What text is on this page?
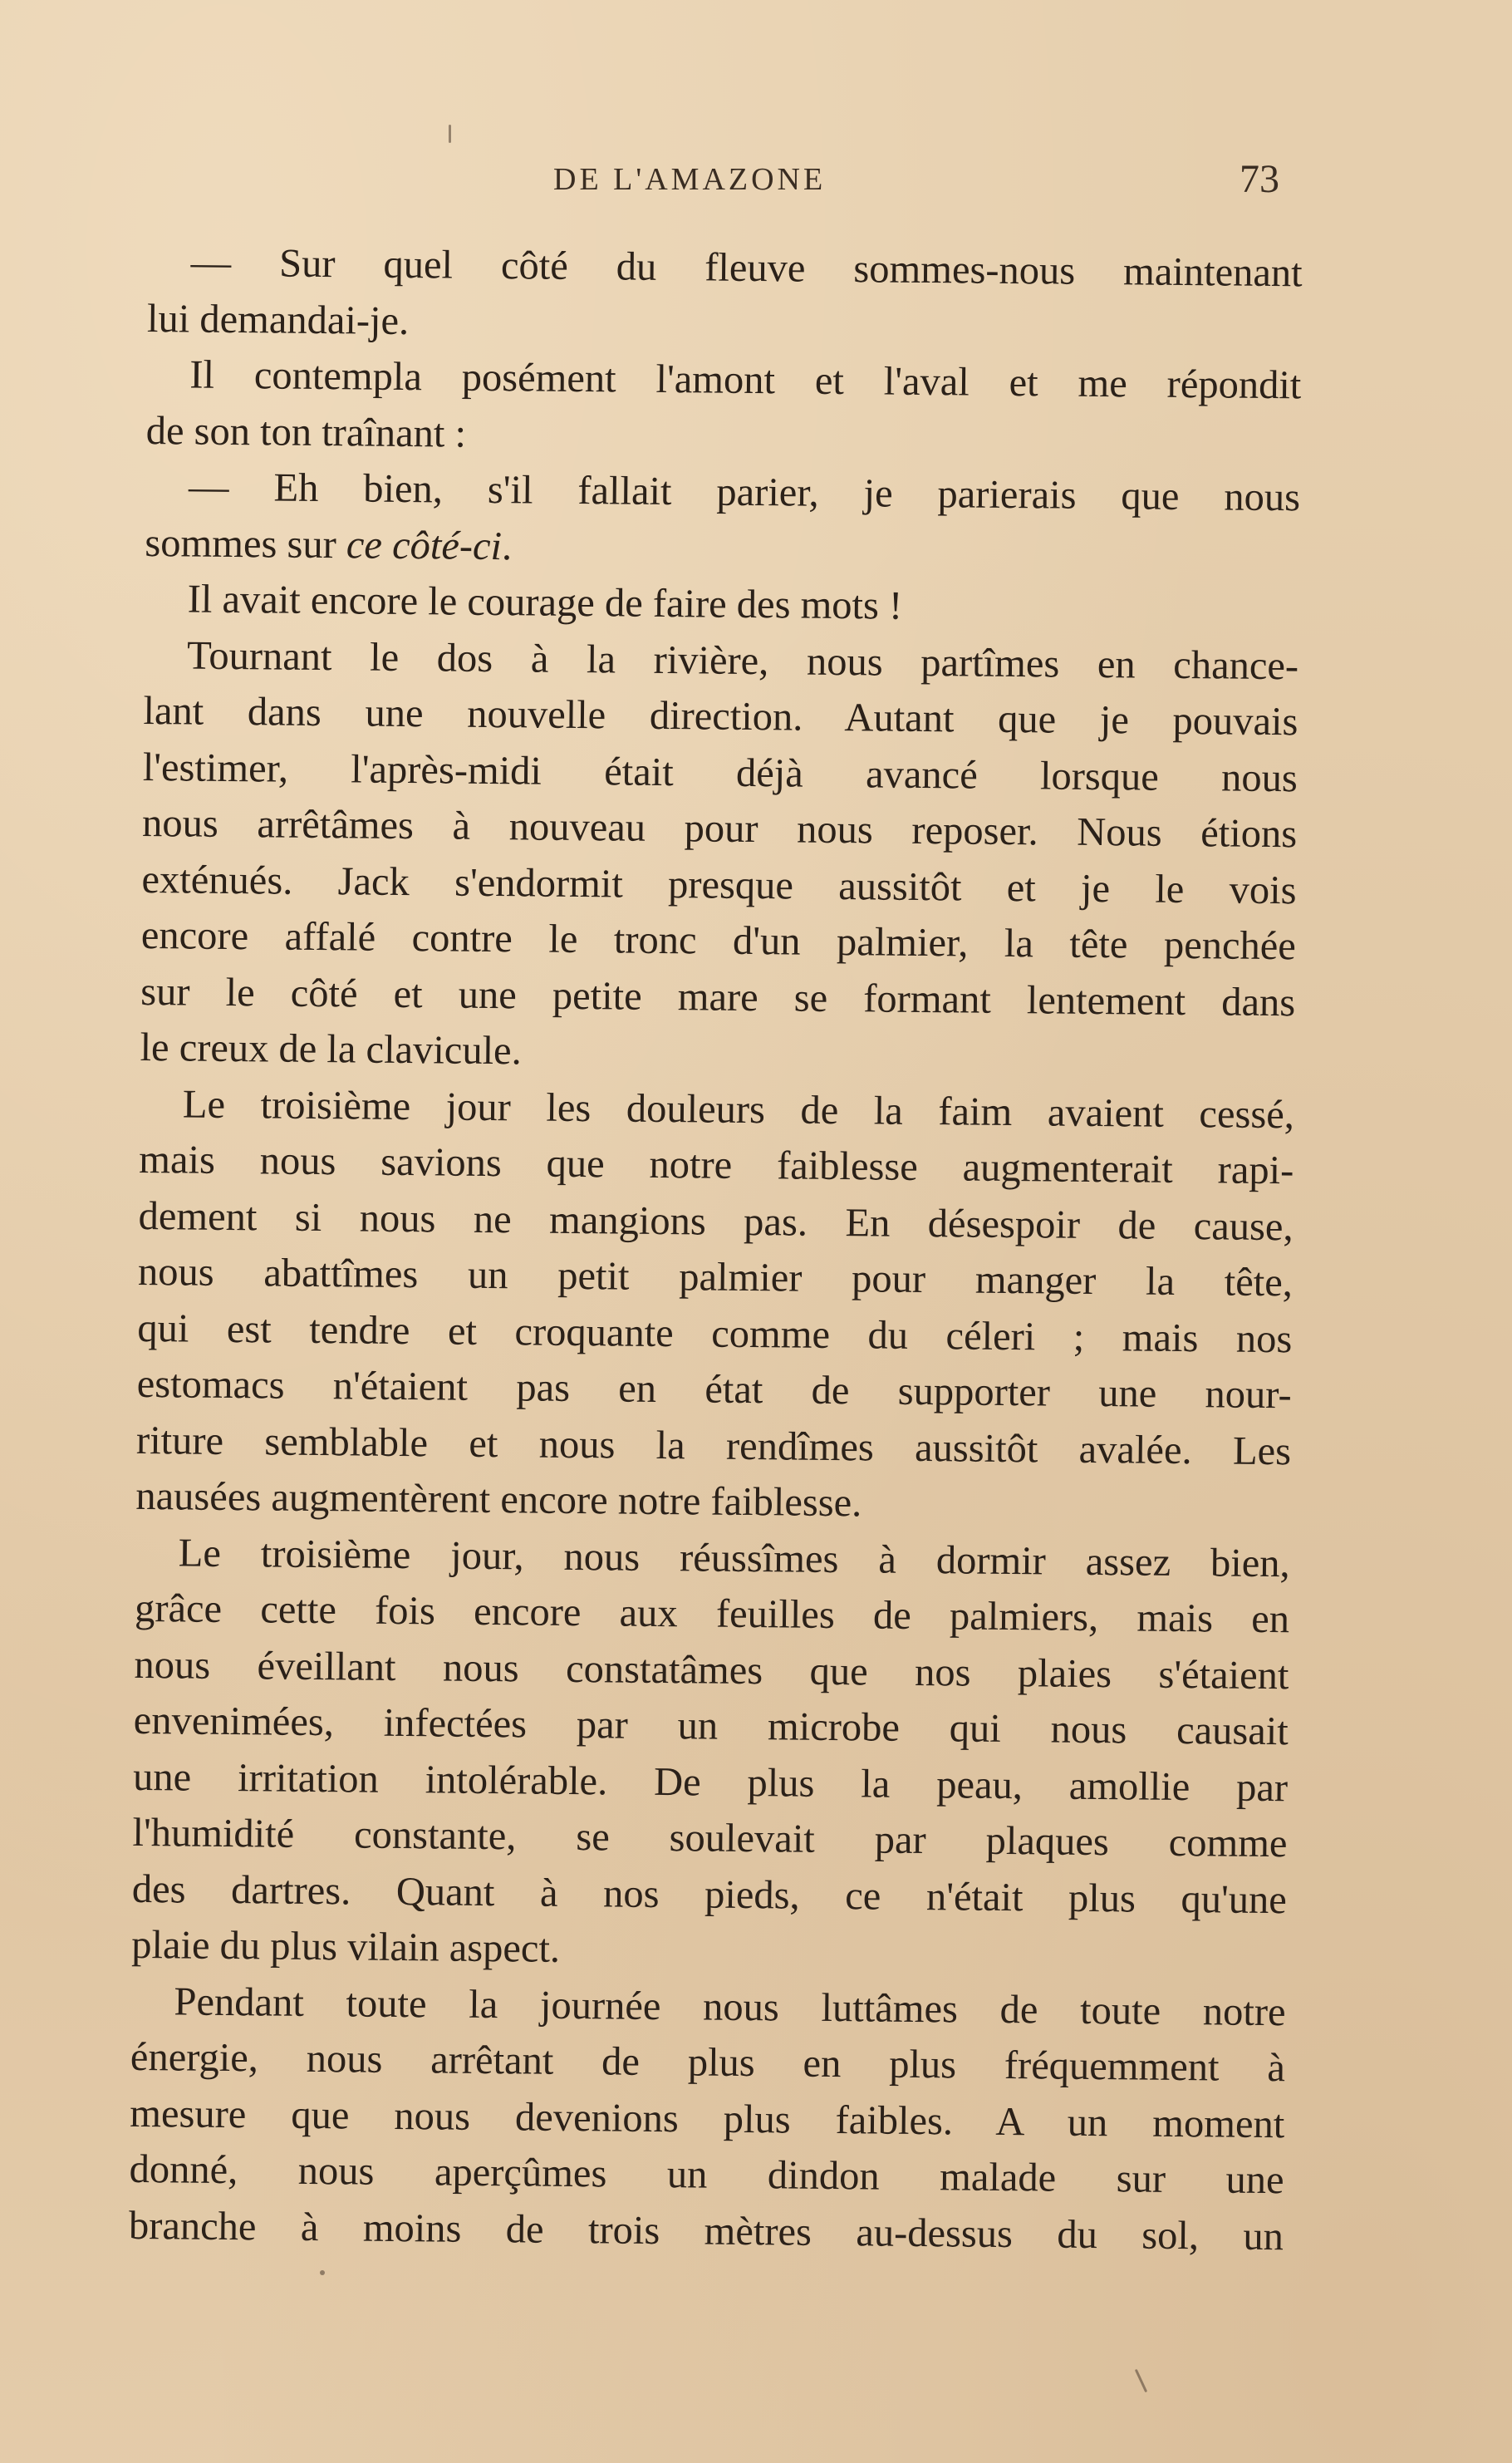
DE L'AMAZONE	73
— Sur quel côté du fleuve sommes-nous maintenant
lui demandai-je.
Il contempla posément l'amont et l'aval et me répondit
de son ton traînant :
— Eh bien, s'il fallait parier, je parierais que nous
sommes sur ce côté-ci.
Il avait encore le courage de faire des mots !
Tournant le dos à la rivière, nous partîmes en chance-
lant dans une nouvelle direction. Autant que je pouvais
l'estimer, l'après-midi était déjà avancé lorsque nous
nous arrêtâmes à nouveau pour nous reposer. Nous étions
exténués. Jack s'endormit presque aussitôt et je le vois
encore affalé contre le tronc d'un palmier, la tête penchée
sur le côté et une petite mare se formant lentement dans
le creux de la clavicule.
Le troisième jour les douleurs de la faim avaient cessé,
mais nous savions que notre faiblesse augmenterait rapi-
dement si nous ne mangions pas. En désespoir de cause,
nous abattîmes un petit palmier pour manger la tête,
qui est tendre et croquante comme du céleri ; mais nos
estomacs n'étaient pas en état de supporter une nour-
riture semblable et nous la rendîmes aussitôt avalée. Les
nausées augmentèrent encore notre faiblesse.
Le troisième jour, nous réussîmes à dormir assez bien,
grâce cette fois encore aux feuilles de palmiers, mais en
nous éveillant nous constatâmes que nos plaies s'étaient
envenimées, infectées par un microbe qui nous causait
une irritation intolérable. De plus la peau, amollie par
l'humidité constante, se soulevait par plaques comme
des dartres. Quant à nos pieds, ce n'était plus qu'une
plaie du plus vilain aspect.
Pendant toute la journée nous luttâmes de toute notre
énergie, nous arrêtant de plus en plus fréquemment à
mesure que nous devenions plus faibles. A un moment
donné, nous aperçûmes un dindon malade sur une
branche à moins de trois mètres au-dessus du sol, un
